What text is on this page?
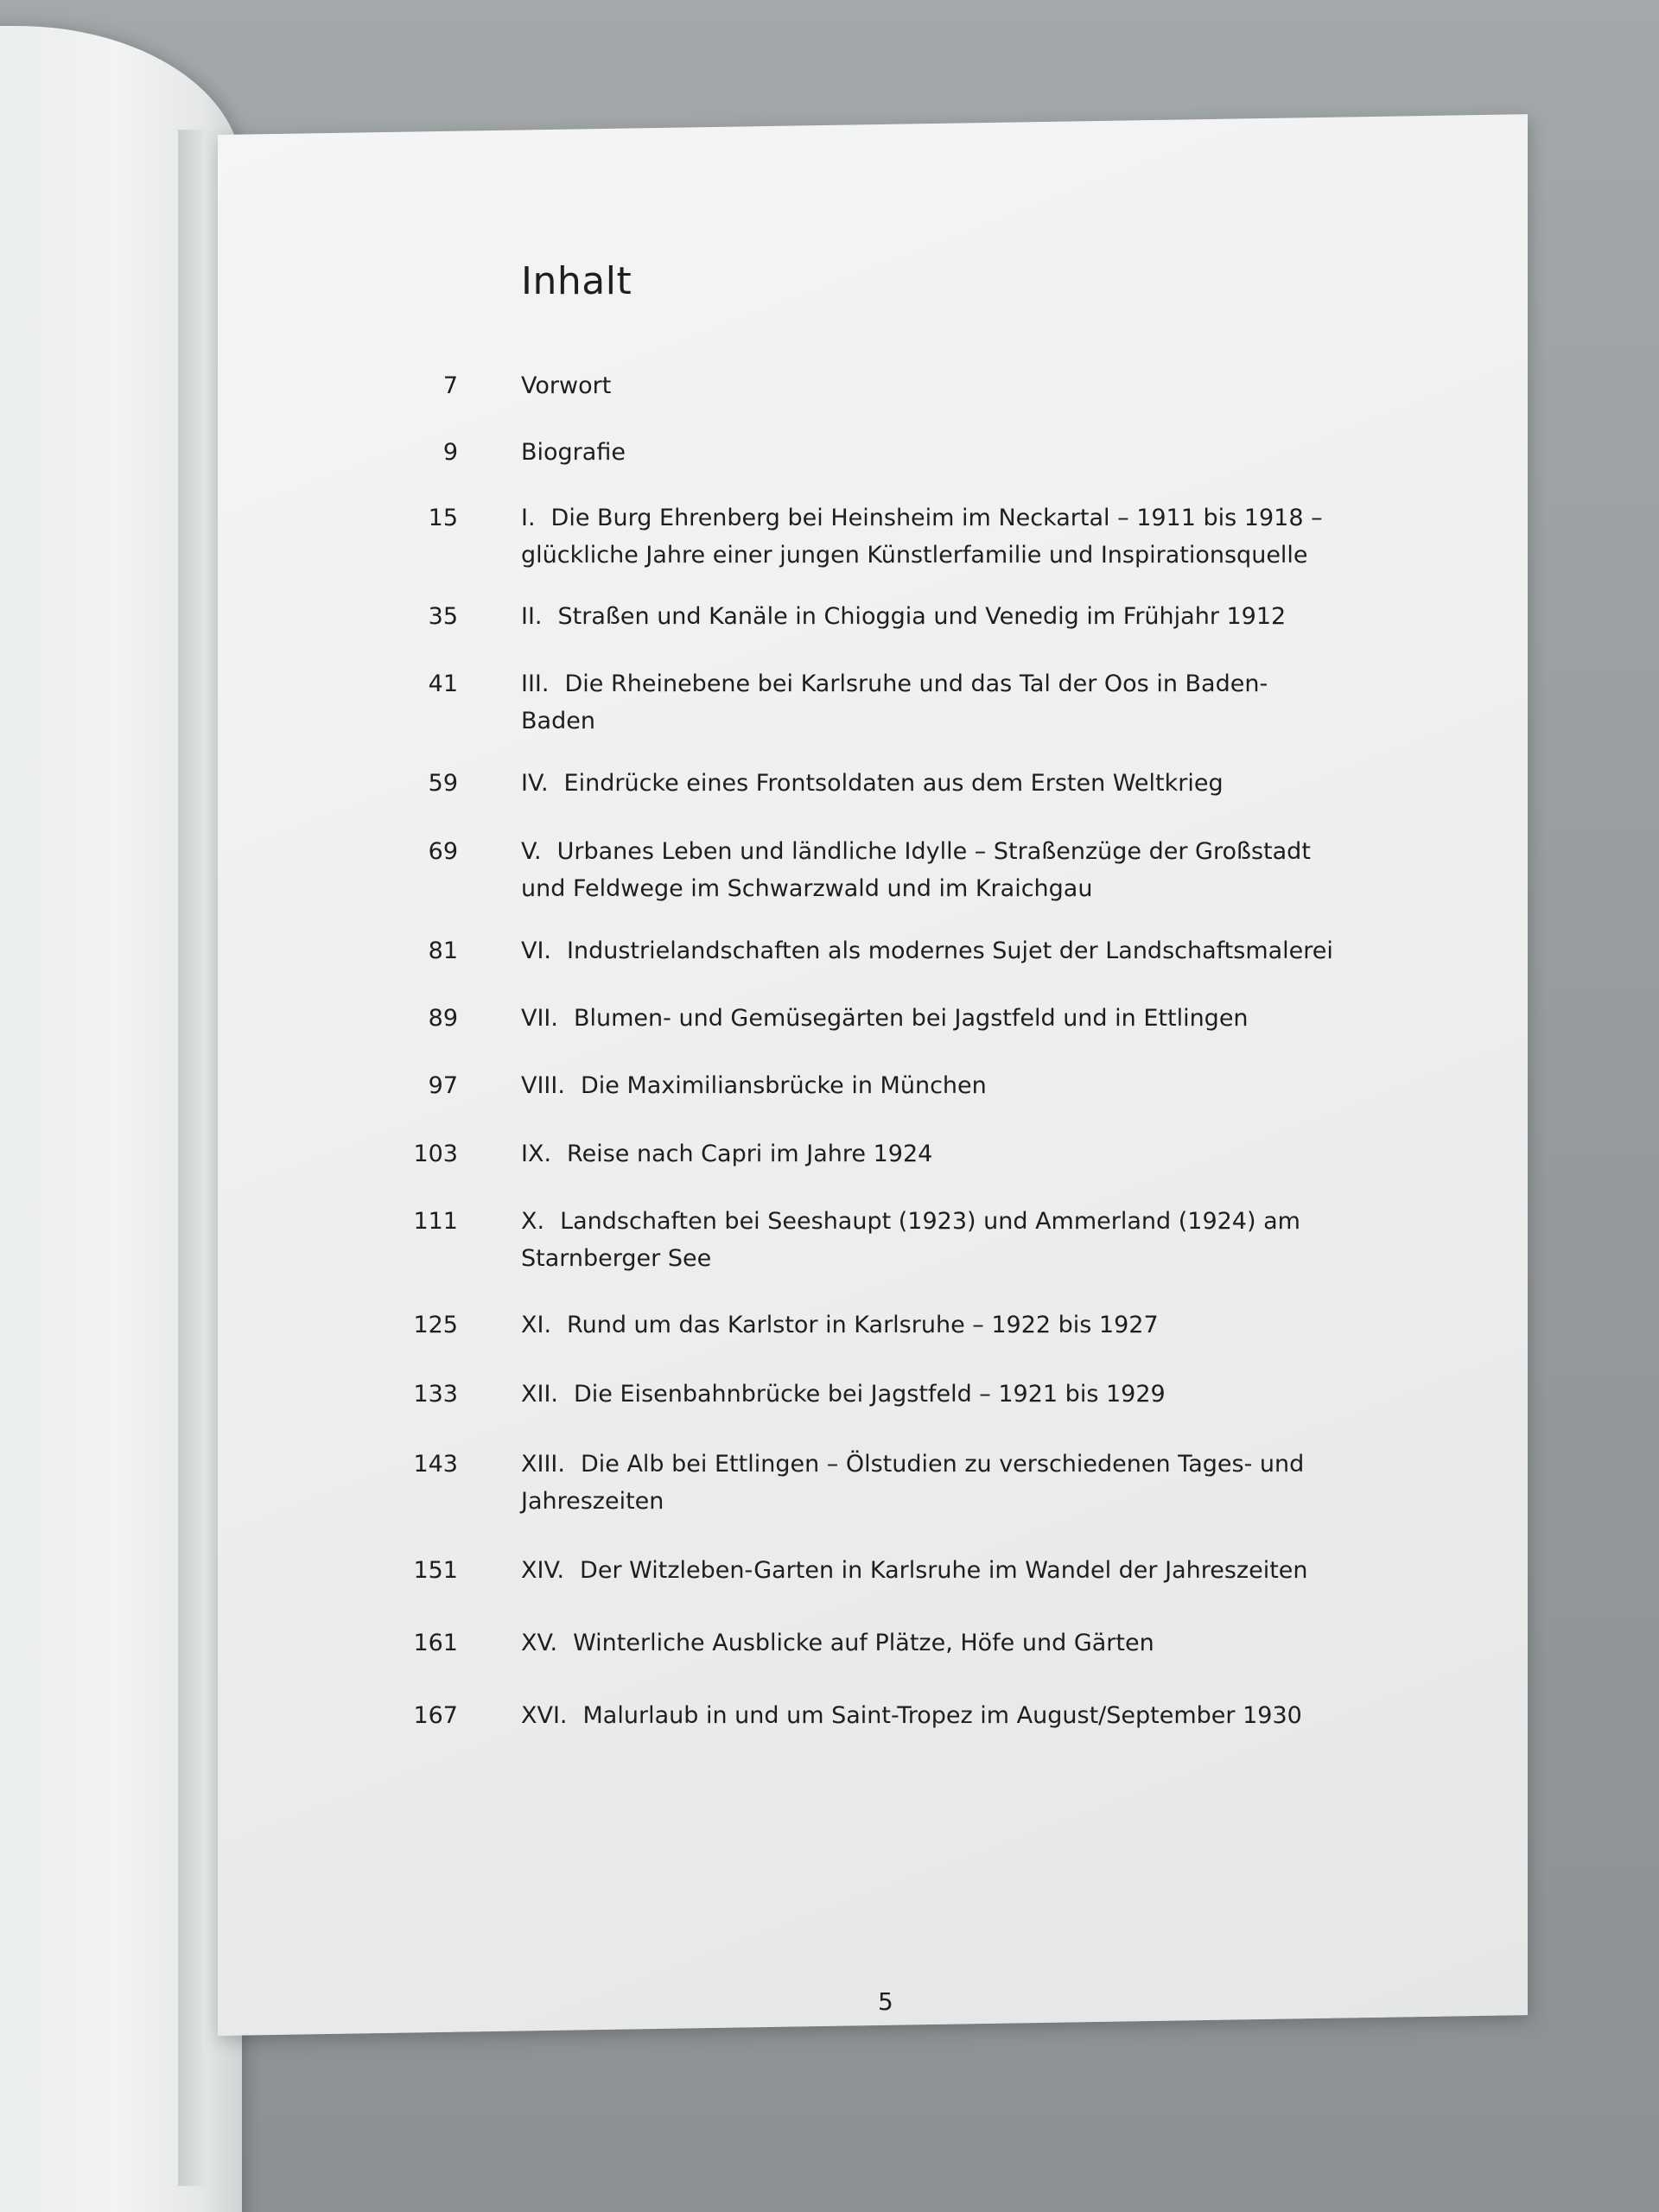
Inhalt
7	Vorwort
9	Biografie
15	I. Die Burg Ehrenberg bei Heinsheim im Neckartal – 1911 bis 1918 –
glückliche Jahre einer jungen Künstlerfamilie und Inspirationsquelle
35	II. Straßen und Kanäle in Chioggia und Venedig im Frühjahr 1912
41	III. Die Rheinebene bei Karlsruhe und das Tal der Oos in Baden-
Baden
59	IV. Eindrücke eines Frontsoldaten aus dem Ersten Weltkrieg
69	V. Urbanes Leben und ländliche Idylle – Straßenzüge der Großstadt
und Feldwege im Schwarzwald und im Kraichgau
81	VI. Industrielandschaften als modernes Sujet der Landschaftsmalerei
89	VII. Blumen- und Gemüsegärten bei Jagstfeld und in Ettlingen
97	VIII. Die Maximiliansbrücke in München
103	IX. Reise nach Capri im Jahre 1924
111	X. Landschaften bei Seeshaupt (1923) und Ammerland (1924) am
Starnberger See
125	XI. Rund um das Karlstor in Karlsruhe – 1922 bis 1927
133	XII. Die Eisenbahnbrücke bei Jagstfeld – 1921 bis 1929
143	XIII. Die Alb bei Ettlingen – Ölstudien zu verschiedenen Tages- und
Jahreszeiten
151	XIV. Der Witzleben-Garten in Karlsruhe im Wandel der Jahreszeiten
161	XV. Winterliche Ausblicke auf Plätze, Höfe und Gärten
167	XVI. Malurlaub in und um Saint-Tropez im August/September 1930
5
